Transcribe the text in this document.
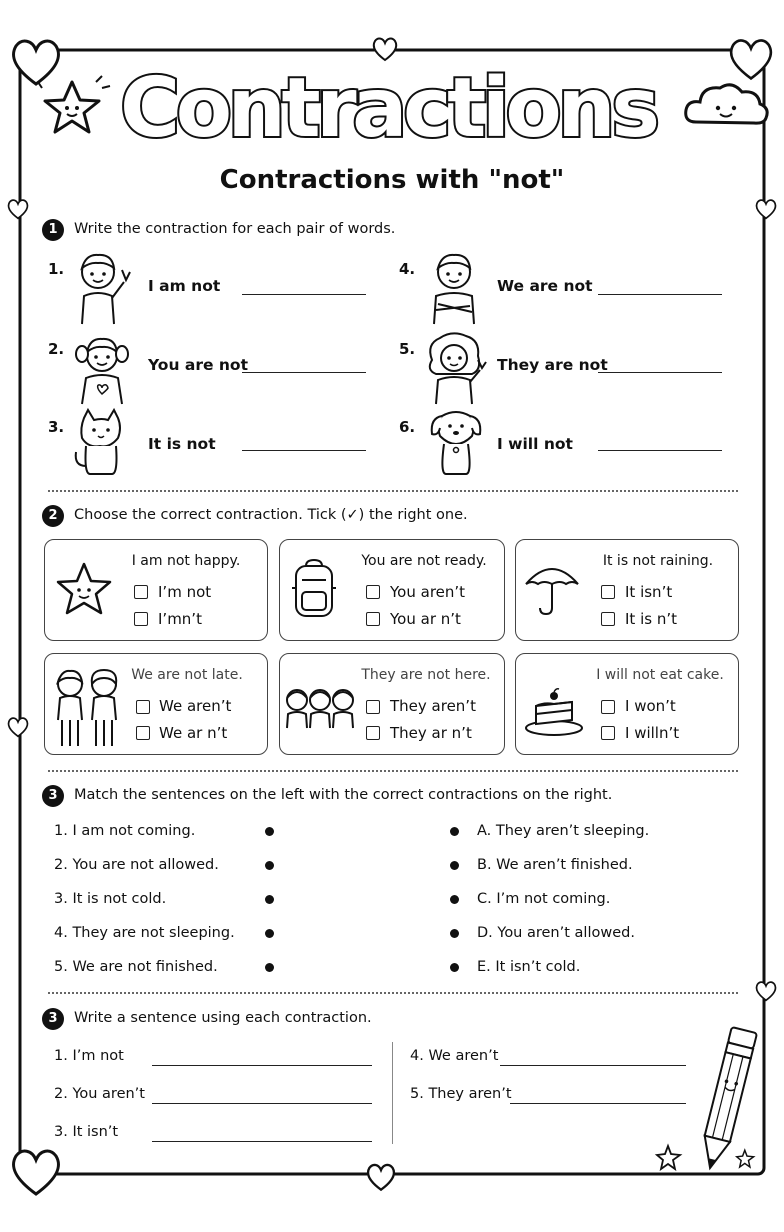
Contractions
Contractions with "not"
1	Write the contraction for each pair of words.
1.
I am not
2.
You are not
3.
It is not
4.
We are not
5.
They are not
6.
I will not
2	Choose the correct contraction. Tick (✓) the right one.
I am not happy.
I’m not
I’mn’t
You are not ready.
You aren’t
You ar n’t
It is not raining.
It isn’t
It is n’t
We are not late.
We aren’t
We ar n’t
They are not here.
They aren’t
They ar n’t
I will not eat cake.
I won’t
I willn’t
3	Match the sentences on the left with the correct contractions on the right.
1. I am not coming.
2. You are not allowed.
3. It is not cold.
4. They are not sleeping.
5. We are not finished.
A. They aren’t sleeping.
B. We aren’t finished.
C. I’m not coming.
D. You aren’t allowed.
E. It isn’t cold.
3	Write a sentence using each contraction.
1. I’m not
2. You aren’t
3. It isn’t
4. We aren’t
5. They aren’t
